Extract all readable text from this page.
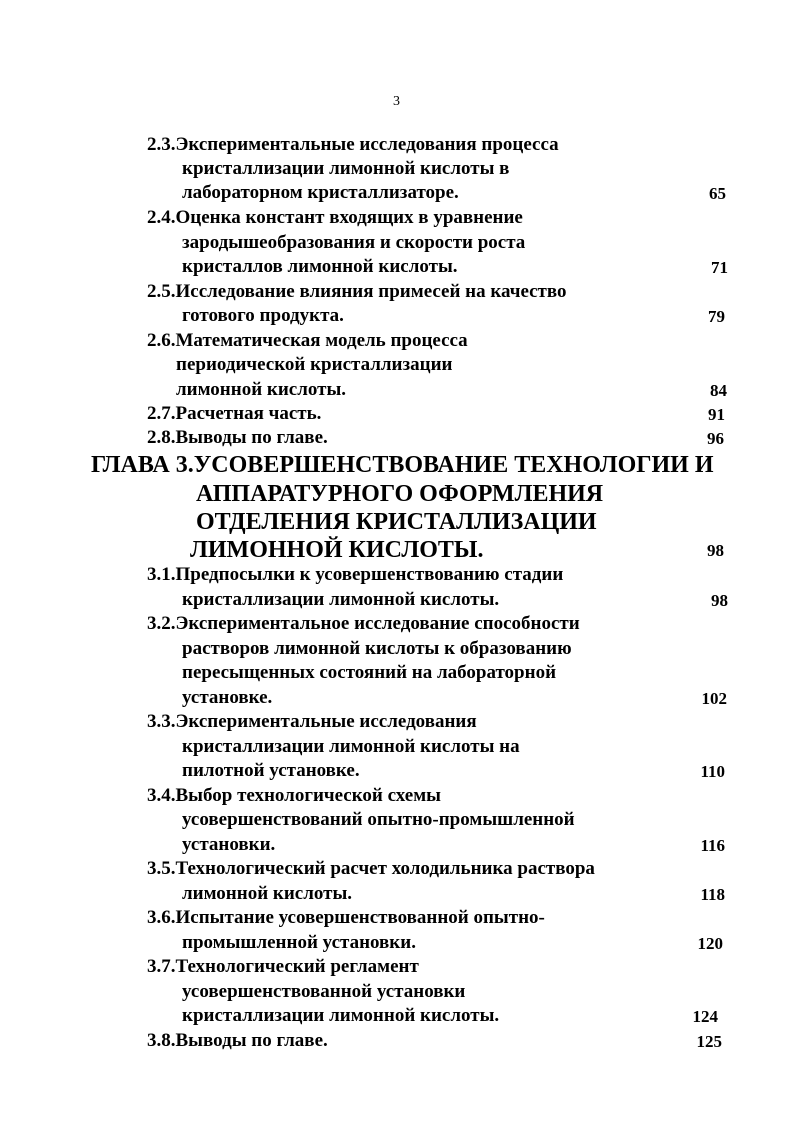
3
2.3.Экспериментальные исследования процесса
кристаллизации лимонной кислоты в
лабораторном кристаллизаторе.	65
2.4.Оценка констант входящих в уравнение
зародышеобразования и скорости роста
кристаллов лимонной кислоты.	71
2.5.Исследование влияния примесей на качество
готового продукта.	79
2.6.Математическая модель процесса
периодической кристаллизации
лимонной кислоты.	84
2.7.Расчетная часть.	91
2.8.Выводы по главе.	96
ГЛАВА 3.УСОВЕРШЕНСТВОВАНИЕ ТЕХНОЛОГИИ И
АППАРАТУРНОГО ОФОРМЛЕНИЯ
ОТДЕЛЕНИЯ КРИСТАЛЛИЗАЦИИ
ЛИМОННОЙ КИСЛОТЫ.	98
3.1.Предпосылки к усовершенствованию стадии
кристаллизации лимонной кислоты.	98
3.2.Экспериментальное исследование способности
растворов лимонной кислоты к образованию
пересыщенных состояний на лабораторной
установке.	102
3.3.Экспериментальные исследования
кристаллизации лимонной кислоты на
пилотной установке.	110
3.4.Выбор технологической схемы
усовершенствований опытно-промышленной
установки.	116
3.5.Технологический расчет холодильника раствора
лимонной кислоты.	118
3.6.Испытание усовершенствованной опытно-
промышленной установки.	120
3.7.Технологический регламент
усовершенствованной установки
кристаллизации лимонной кислоты.	124
3.8.Выводы по главе.	125
